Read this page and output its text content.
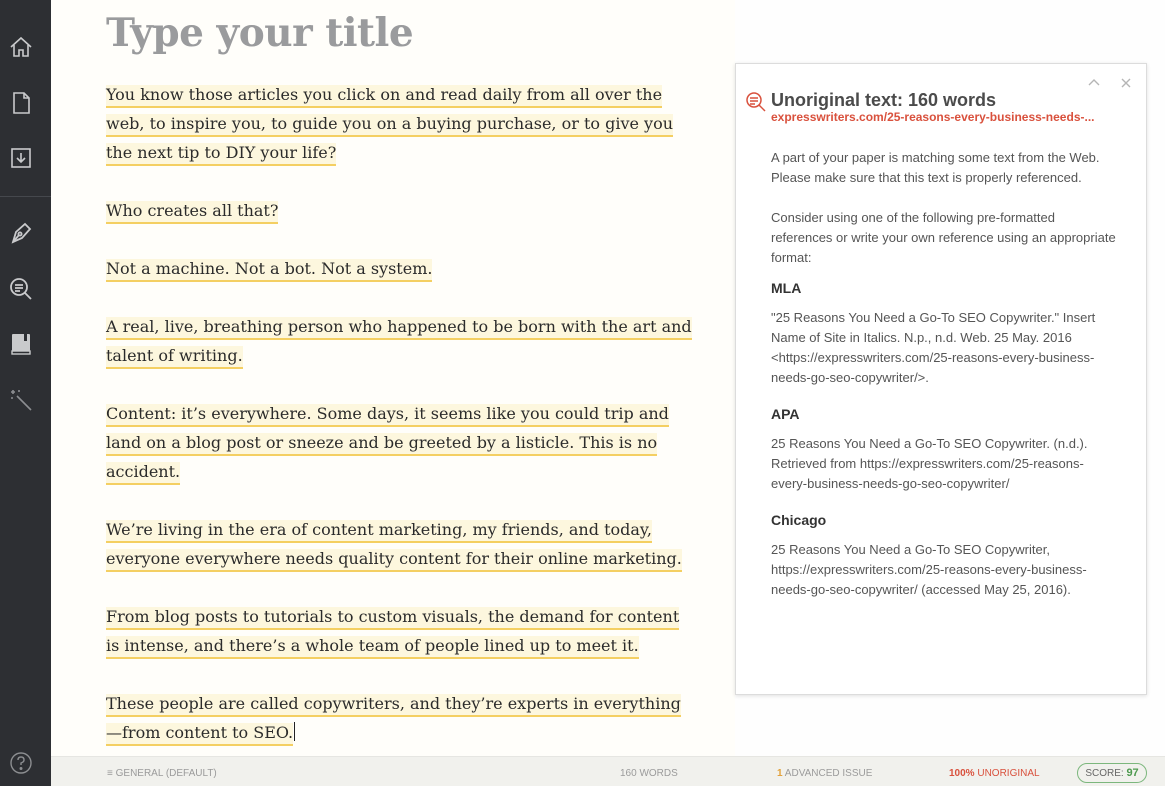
Type your title

You know those articles you click on and read daily from all over the web, to inspire you, to guide you on a buying purchase, or to give you the next tip to DIY your life?

Who creates all that?

Not a machine. Not a bot. Not a system.

A real, live, breathing person who happened to be born with the art and talent of writing.

Content: it’s everywhere. Some days, it seems like you could trip and land on a blog post or sneeze and be greeted by a listicle. This is no accident.

We’re living in the era of content marketing, my friends, and today, everyone everywhere needs quality content for their online marketing.

From blog posts to tutorials to custom visuals, the demand for content is intense, and there’s a whole team of people lined up to meet it.

These people are called copywriters, and they’re experts in everything—from content to SEO.

Unoriginal text: 160 words
expresswriters.com/25-reasons-every-business-needs-...

A part of your paper is matching some text from the Web. Please make sure that this text is properly referenced.

Consider using one of the following pre-formatted references or write your own reference using an appropriate format:

MLA
"25 Reasons You Need a Go-To SEO Copywriter." Insert Name of Site in Italics. N.p., n.d. Web. 25 May. 2016 <https://expresswriters.com/25-reasons-every-business-needs-go-seo-copywriter/>.
APA
25 Reasons You Need a Go-To SEO Copywriter. (n.d.). Retrieved from https://expresswriters.com/25-reasons-every-business-needs-go-seo-copywriter/
Chicago
25 Reasons You Need a Go-To SEO Copywriter, https://expresswriters.com/25-reasons-every-business-needs-go-seo-copywriter/ (accessed May 25, 2016).
≡ GENERAL (DEFAULT)	160 WORDS	1 ADVANCED ISSUE	100% UNORIGINAL	SCORE: 97
